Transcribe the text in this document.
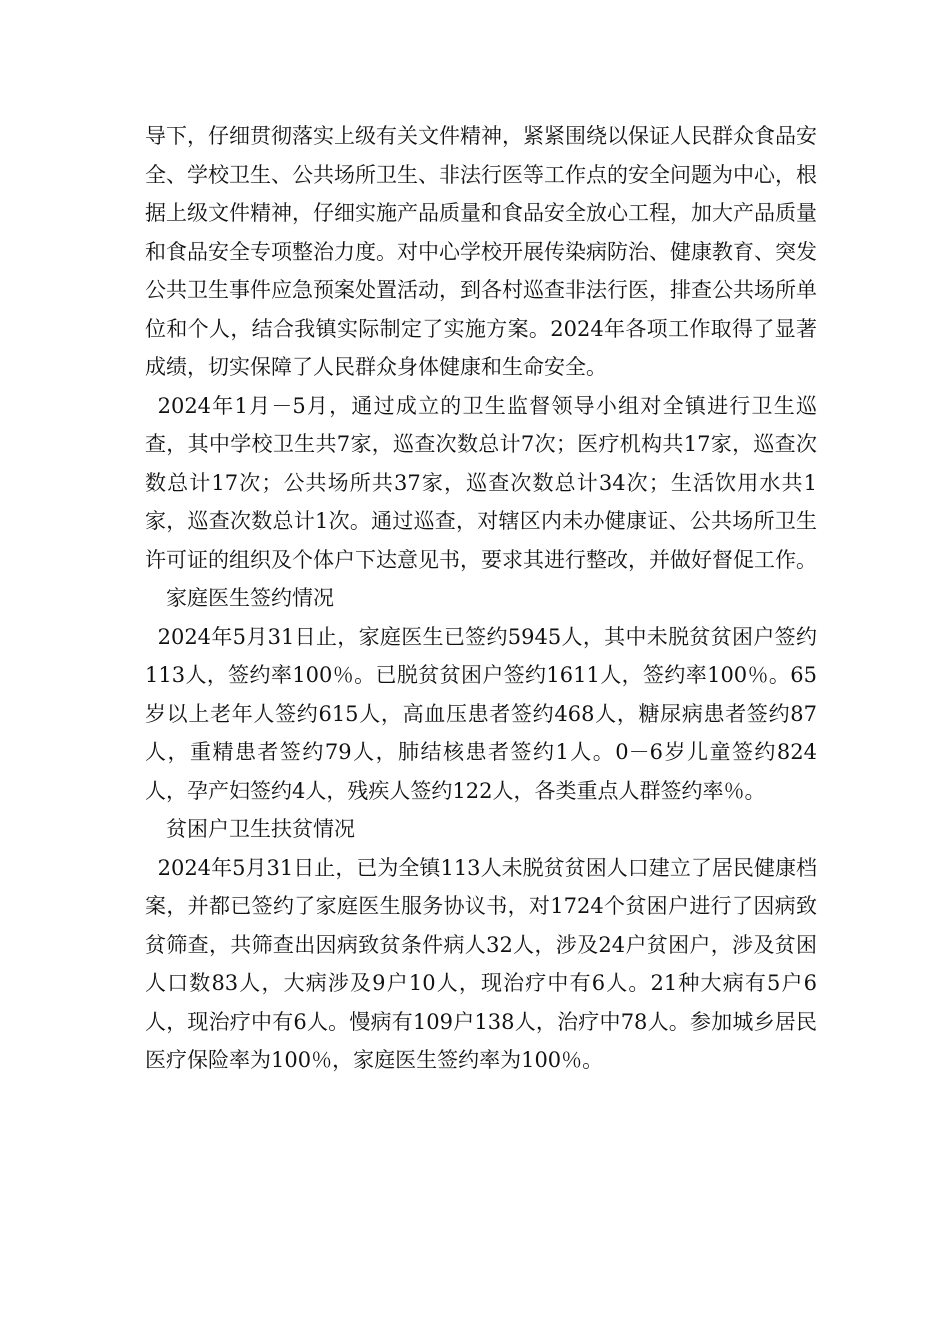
导下，仔细贯彻落实上级有关文件精神，紧紧围绕以保证人民群众食品安全、学校卫生、公共场所卫生、非法行医等工作点的安全问题为中心，根据上级文件精神，仔细实施产品质量和食品安全放心工程，加大产品质量和食品安全专项整治力度。对中心学校开展传染病防治、健康教育、突发公共卫生事件应急预案处置活动，到各村巡查非法行医，排查公共场所单位和个人，结合我镇实际制定了实施方案。2024年各项工作取得了显著成绩，切实保障了人民群众身体健康和生命安全。

2024年1月－5月，通过成立的卫生监督领导小组对全镇进行卫生巡查，其中学校卫生共7家，巡查次数总计7次；医疗机构共17家，巡查次数总计17次；公共场所共37家，巡查次数总计34次；生活饮用水共1家，巡查次数总计1次。通过巡查，对辖区内未办健康证、公共场所卫生许可证的组织及个体户下达意见书，要求其进行整改，并做好督促工作。

家庭医生签约情况

2024年5月31日止，家庭医生已签约5945人，其中未脱贫贫困户签约113人，签约率100％。已脱贫贫困户签约1611人，签约率100％。65岁以上老年人签约615人，高血压患者签约468人，糖尿病患者签约87人，重精患者签约79人，肺结核患者签约1人。0－6岁儿童签约824人，孕产妇签约4人，残疾人签约122人，各类重点人群签约率％。

贫困户卫生扶贫情况

2024年5月31日止，已为全镇113人未脱贫贫困人口建立了居民健康档案，并都已签约了家庭医生服务协议书，对1724个贫困户进行了因病致贫筛查，共筛查出因病致贫条件病人32人，涉及24户贫困户，涉及贫困人口数83人，大病涉及9户10人，现治疗中有6人。21种大病有5户6人，现治疗中有6人。慢病有109户138人，治疗中78人。参加城乡居民医疗保险率为100％，家庭医生签约率为100％。
